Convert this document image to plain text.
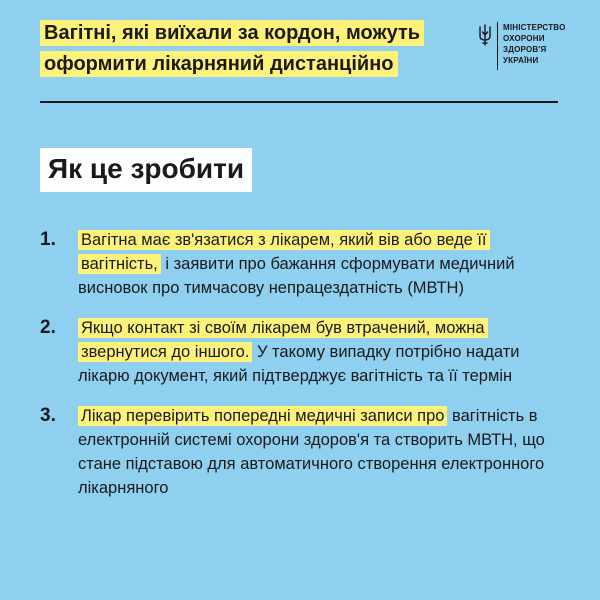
Вагітні, які виїхали за кордон, можуть
оформити лікарняний дистанційно
МІНІСТЕРСТВО
ОХОРОНИ
ЗДОРОВ'Я
УКРАЇНИ
Як це зробити
1.	Вагітна має зв'язатися з лікарем, який вів або веде її вагітність, і заявити про бажання сформувати медичний висновок про тимчасову непрацездатність (МВТН)
2.	Якщо контакт зі своїм лікарем був втрачений, можна звернутися до іншого. У такому випадку потрібно надати лікарю документ, який підтверджує вагітність та її термін
3.	Лікар перевірить попередні медичні записи про вагітність в електронній системі охорони здоров'я та створить МВТН, що стане підставою для автоматичного створення електронного лікарняного
